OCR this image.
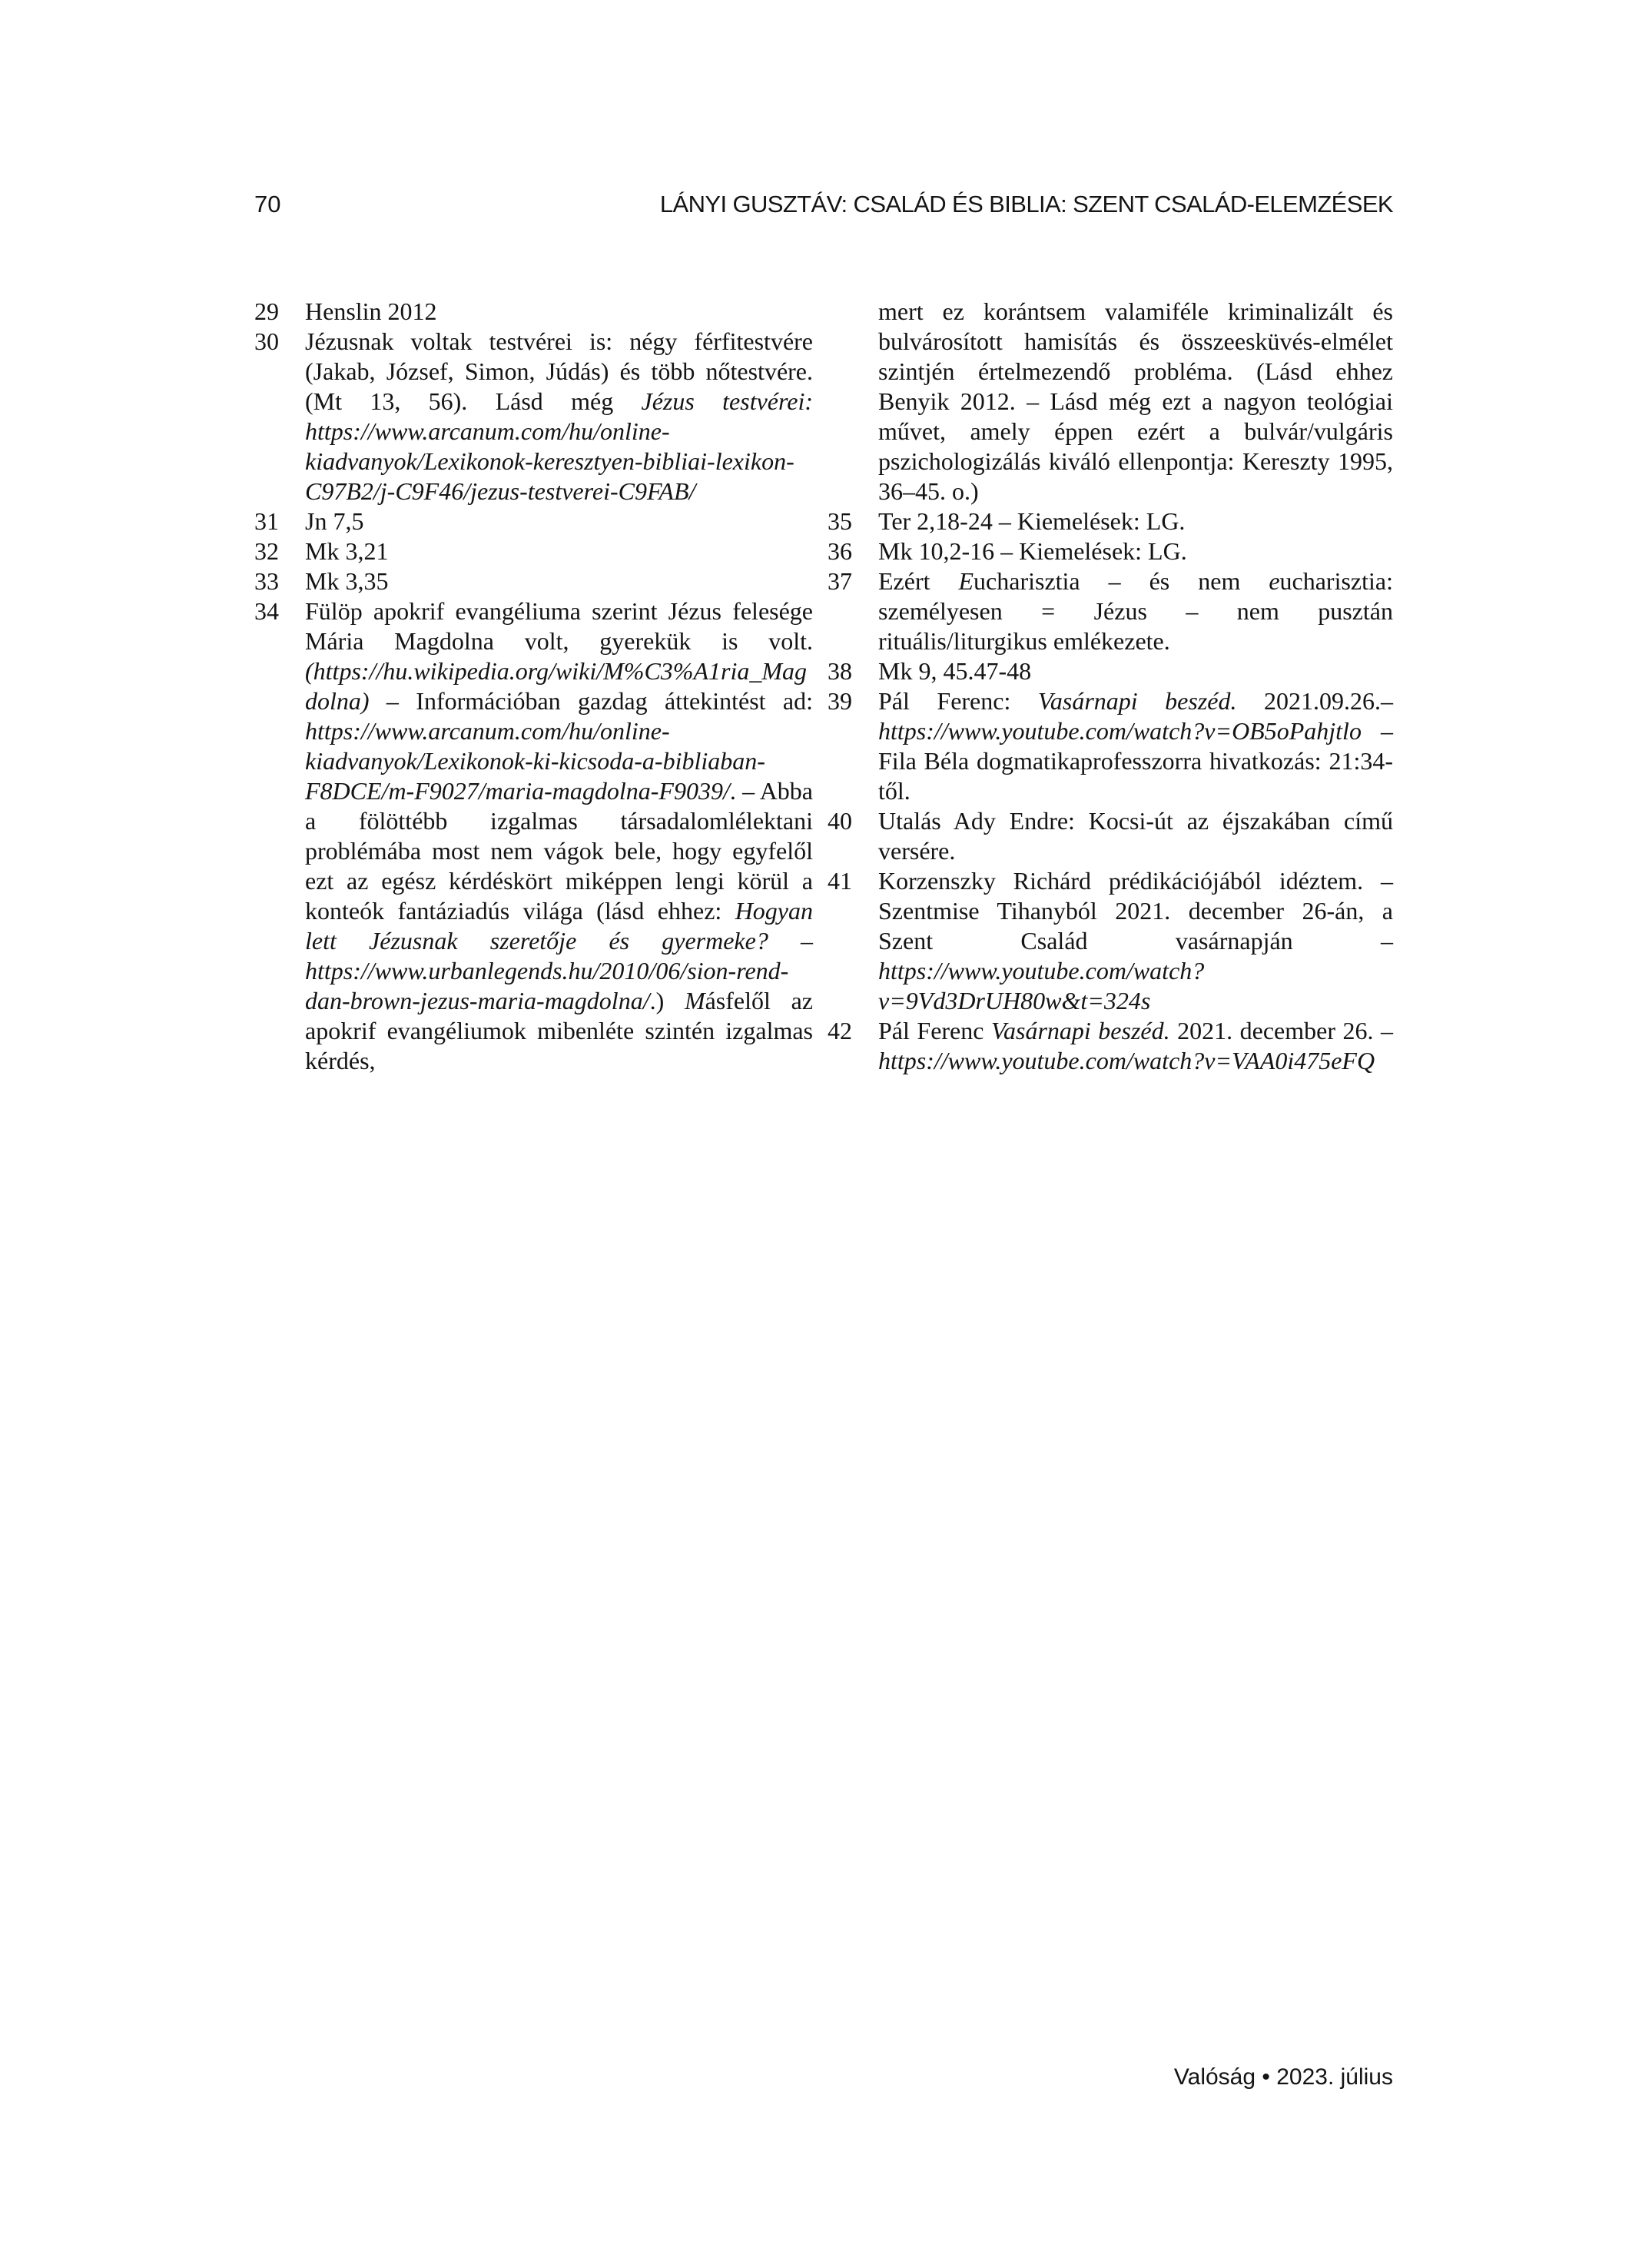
70	LÁNYI GUSZTÁV: CSALÁD ÉS BIBLIA: SZENT CSALÁD-ELEMZÉSEK
29 Henslin 2012
30 Jézusnak voltak testvérei is: négy férfitestvére (Jakab, József, Simon, Júdás) és több nőtestvére. (Mt 13, 56). Lásd még Jézus testvérei: https://www.arcanum.com/hu/online-kiadvanyok/Lexikonok-keresztyen-bibliai-lexikon-C97B2/j-C9F46/jezus-testverei-C9FAB/
31 Jn 7,5
32 Mk 3,21
33 Mk 3,35
34 Fülöp apokrif evangéliuma szerint Jézus felesége Mária Magdolna volt, gyerekük is volt. (https://hu.wikipedia.org/wiki/M%C3%A1ria_Magdolna) – Információban gazdag áttekintést ad: https://www.arcanum.com/hu/online-kiadvanyok/Lexikonok-ki-kicsoda-a-bibliaban-F8DCE/m-F9027/maria-magdolna-F9039/. – Abba a fölöttébb izgalmas társadalomlélektani problémába most nem vágok bele, hogy egyfelől ezt az egész kérdéskört miképpen lengi körül a konteók fantáziadús világa (lásd ehhez: Hogyan lett Jézusnak szeretője és gyermeke? – https://www.urbanlegends.hu/2010/06/sion-rend-dan-brown-jezus-maria-magdolna/.) Másfelől az apokrif evangéliumok mibenléte szintén izgalmas kérdés,
mert ez korántsem valamiféle kriminalizált és bulvárosított hamisítás és összeesküvés-elmélet szintjén értelmezendő probléma. (Lásd ehhez Benyik 2012. – Lásd még ezt a nagyon teológiai művet, amely éppen ezért a bulvár/vulgáris pszichologizálás kiváló ellenpontja: Kereszty 1995, 36–45. o.)
35 Ter 2,18-24 – Kiemelések: LG.
36 Mk 10,2-16 – Kiemelések: LG.
37 Ezért Eucharisztia – és nem eucharisztia: személyesen = Jézus – nem pusztán rituális/liturgikus emlékezete.
38 Mk 9, 45.47-48
39 Pál Ferenc: Vasárnapi beszéd. 2021.09.26.– https://www.youtube.com/watch?v=OB5oPahjtlo – Fila Béla dogmatikaprofesszorra hivatkozás: 21:34-től.
40 Utalás Ady Endre: Kocsi-út az éjszakában című versére.
41 Korzenszky Richárd prédikációjából idéztem. – Szentmise Tihanyból 2021. december 26-án, a Szent Család vasárnapján – https://www.youtube.com/watch?v=9Vd3DrUH80w&t=324s
42 Pál Ferenc Vasárnapi beszéd. 2021. december 26. – https://www.youtube.com/watch?v=VAA0i475eFQ
Valóság • 2023. július
